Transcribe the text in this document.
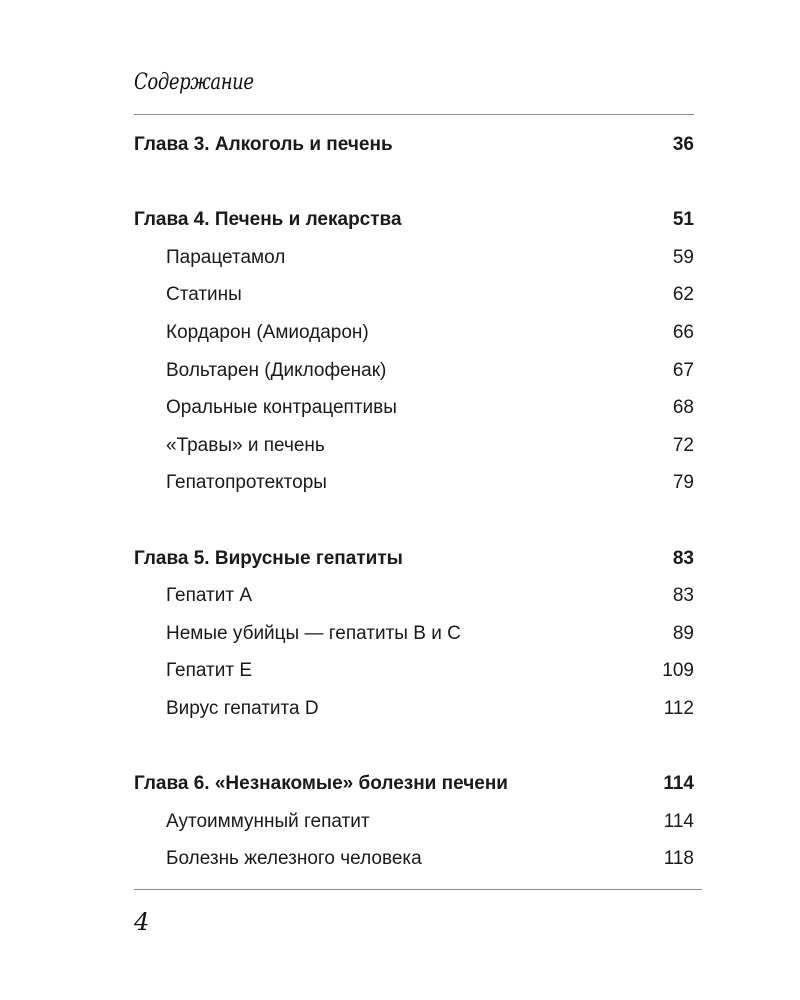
Содержание
Глава 3. Алкоголь и печень	36
Глава 4. Печень и лекарства	51
Парацетамол	59
Статины	62
Кордарон (Амиодарон)	66
Вольтарен (Диклофенак)	67
Оральные контрацептивы	68
«Травы» и печень	72
Гепатопротекторы	79
Глава 5. Вирусные гепатиты	83
Гепатит А	83
Немые убийцы — гепатиты В и С	89
Гепатит Е	109
Вирус гепатита D	112
Глава 6. «Незнакомые» болезни печени	114
Аутоиммунный гепатит	114
Болезнь железного человека	118
4
